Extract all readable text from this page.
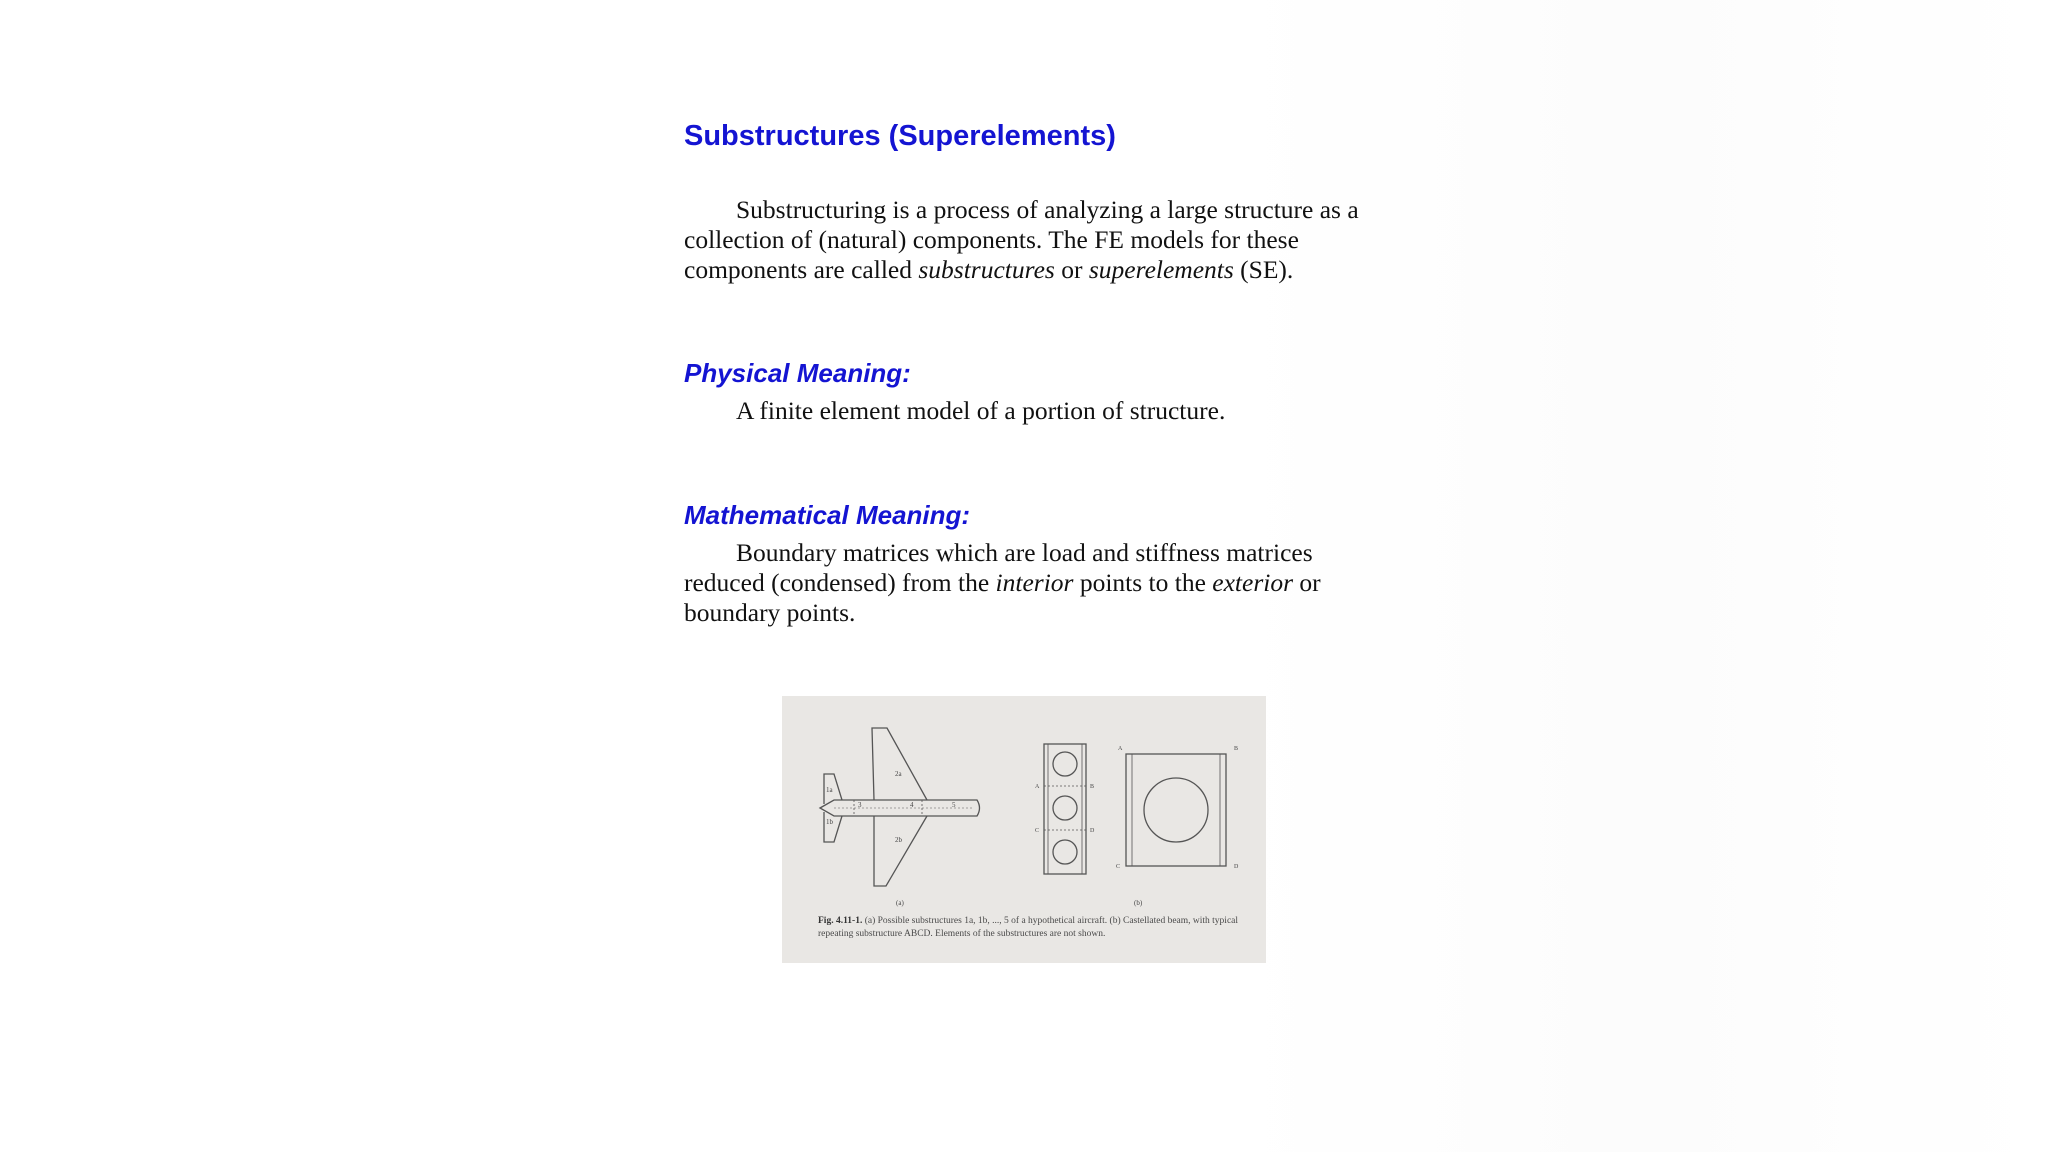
Substructures (Superelements)

Substructuring is a process of analyzing a large structure as a collection of (natural) components. The FE models for these components are called substructures or superelements (SE).

Physical Meaning:

A finite element model of a portion of structure.

Mathematical Meaning:

Boundary matrices which are load and stiffness matrices reduced (condensed) from the interior points to the exterior or boundary points.

1a
1b
2a
2b
3	4	5
A	B
C	D
A	B
C	D
(a)	(b)

Fig. 4.11-1. (a) Possible substructures 1a, 1b, ..., 5 of a hypothetical aircraft. (b) Castellated beam, with typical repeating substructure ABCD. Elements of the substructures are not shown.
